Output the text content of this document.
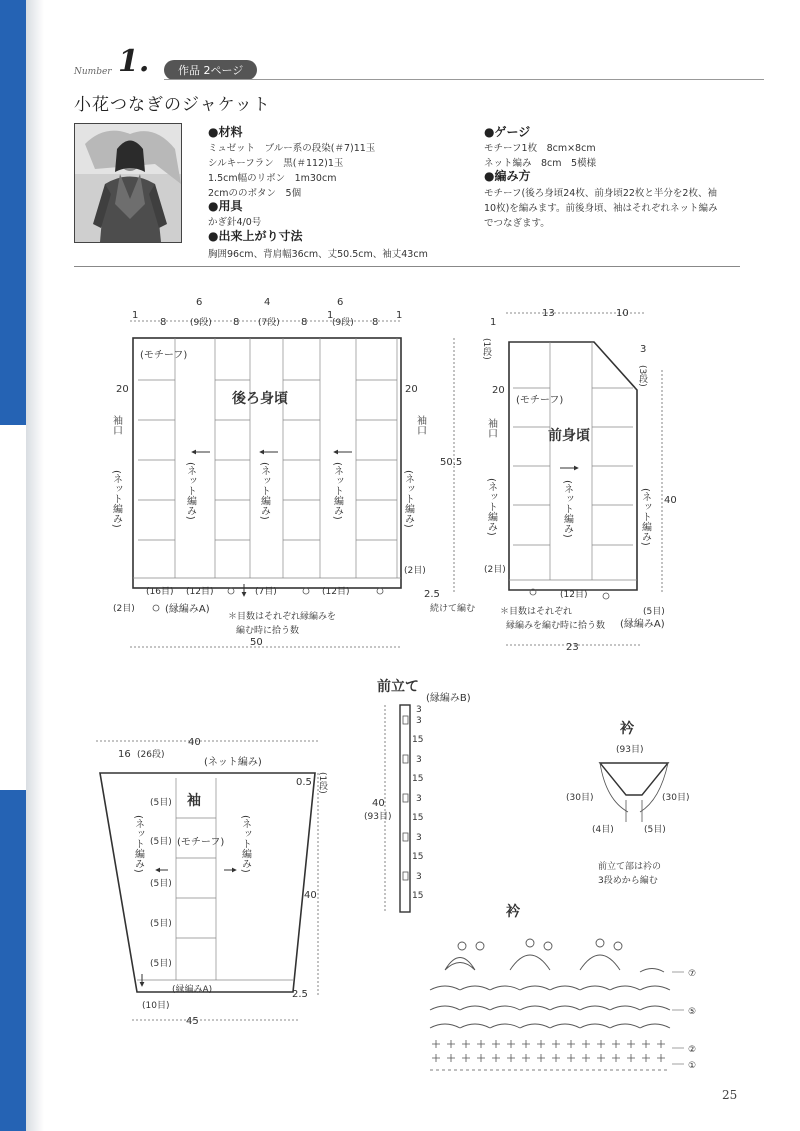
Number 1.	作品 2ページ
小花つなぎのジャケット
●材料
ミュゼット　ブルー系の段染(＃7)11玉
シルキーフラン　黒(＃112)1玉
1.5cm幅のリボン　1m30cm
2cmののボタン　5個
●用具
かぎ針4/0号
●出来上がり寸法
胸囲96cm、背肩幅36cm、丈50.5cm、袖丈43cm
●ゲージ
モチーフ1枚　8cm×8cm
ネット編み　8cm　5模様
●編み方
モチーフ(後ろ身頃24枚、前身頃22枚と半分を2枚、袖
10枚)を編みます。前後身頃、袖はそれぞれネット編み
でつなぎます。
1
8
6
(9段) 8
4
(7段) 8
6
1
(9段) 8
1
後ろ身頃
(モチーフ)
20	20
袖口	袖口
(ネット編み)	(ネット編み)	(ネット編み)	(ネット編み)	(ネット編み)
50.5
(16目) (12目)	(7目)	(12目)
(2目)
(2目)
(縁編みA)
＊目数はそれぞれ縁編みを
編む時に拾う数
2.5
続けて編む
50
13	10
1
(1段)	3
(3段)
(モチーフ)
前身頃
20
袖口
(ネット編み)	(ネット編み)	(ネット編み) 40
(2目)
(12目)
(5目)
(縁編みA)
＊目数はそれぞれ
縁編みを編む時に拾う数
23
前立て
(縁編みB)
3
3
15
3
15
3
15
3
15
3
15
40
(93目)
40
16 (26段)
(ネット編み)
袖
(モチーフ)
(5目)
(5目)
(5目)
(5目)
(5目)
(ネット編み)	(ネット編み)
(縁編みA)
0.5 (1段)
40
2.5
(10目)
45
衿
(93目)
(30目)	(30目)
(4目)	(5目)
前立て部は衿の
3段めから編む
衿
⑦
⑤
②
①
25
